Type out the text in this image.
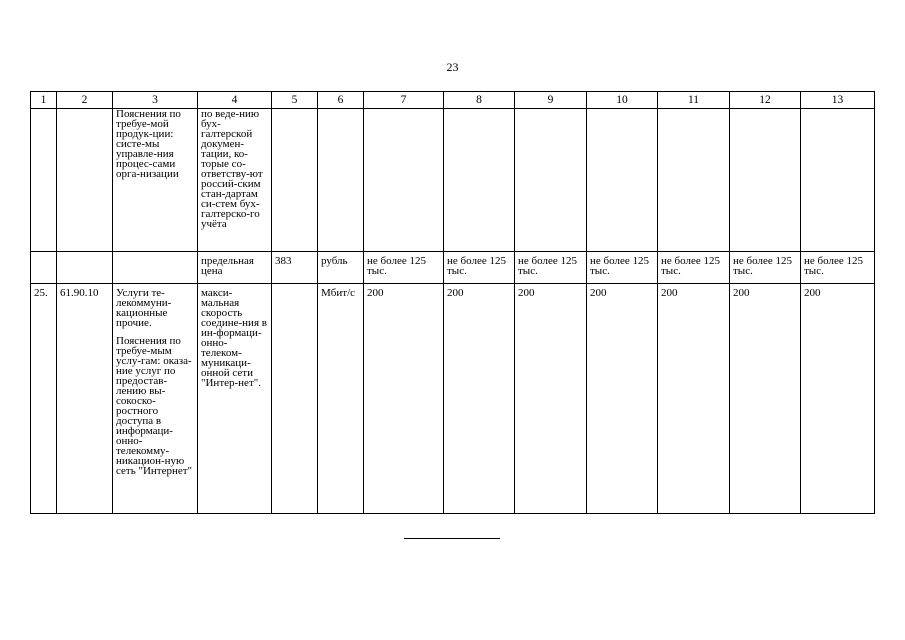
23
1	2	3	4	5	6	7	8	9	10	11	12	13
		Пояснения по требуе-мой продук-ции: систе-мы управле-ния процес-сами орга-низации	по веде-нию бух-галтерской докумен-тации, ко-торые со-ответству-ют россий-ским стан-дартам си-стем бух-галтерско-го учёта									
			предельная цена	383	рубль	не более 125 тыс.	не более 125 тыс.	не более 125 тыс.	не более 125 тыс.	не более 125 тыс.	не более 125 тыс.	не более 125 тыс.
25.	61.90.10	Услуги те-лекоммуни-кационные прочие.
Пояснения по требуе-мым услу-гам: оказа-ние услуг по предостав-лению вы-сокоско-ростного доступа в информаци-онно-телекомму-никацион-ную сеть "Интернет"	макси-мальная скорость соедине-ния в ин-формаци-онно-телеком-муникаци-онной сети "Интер-нет".		Мбит/с	200	200	200	200	200	200	200
